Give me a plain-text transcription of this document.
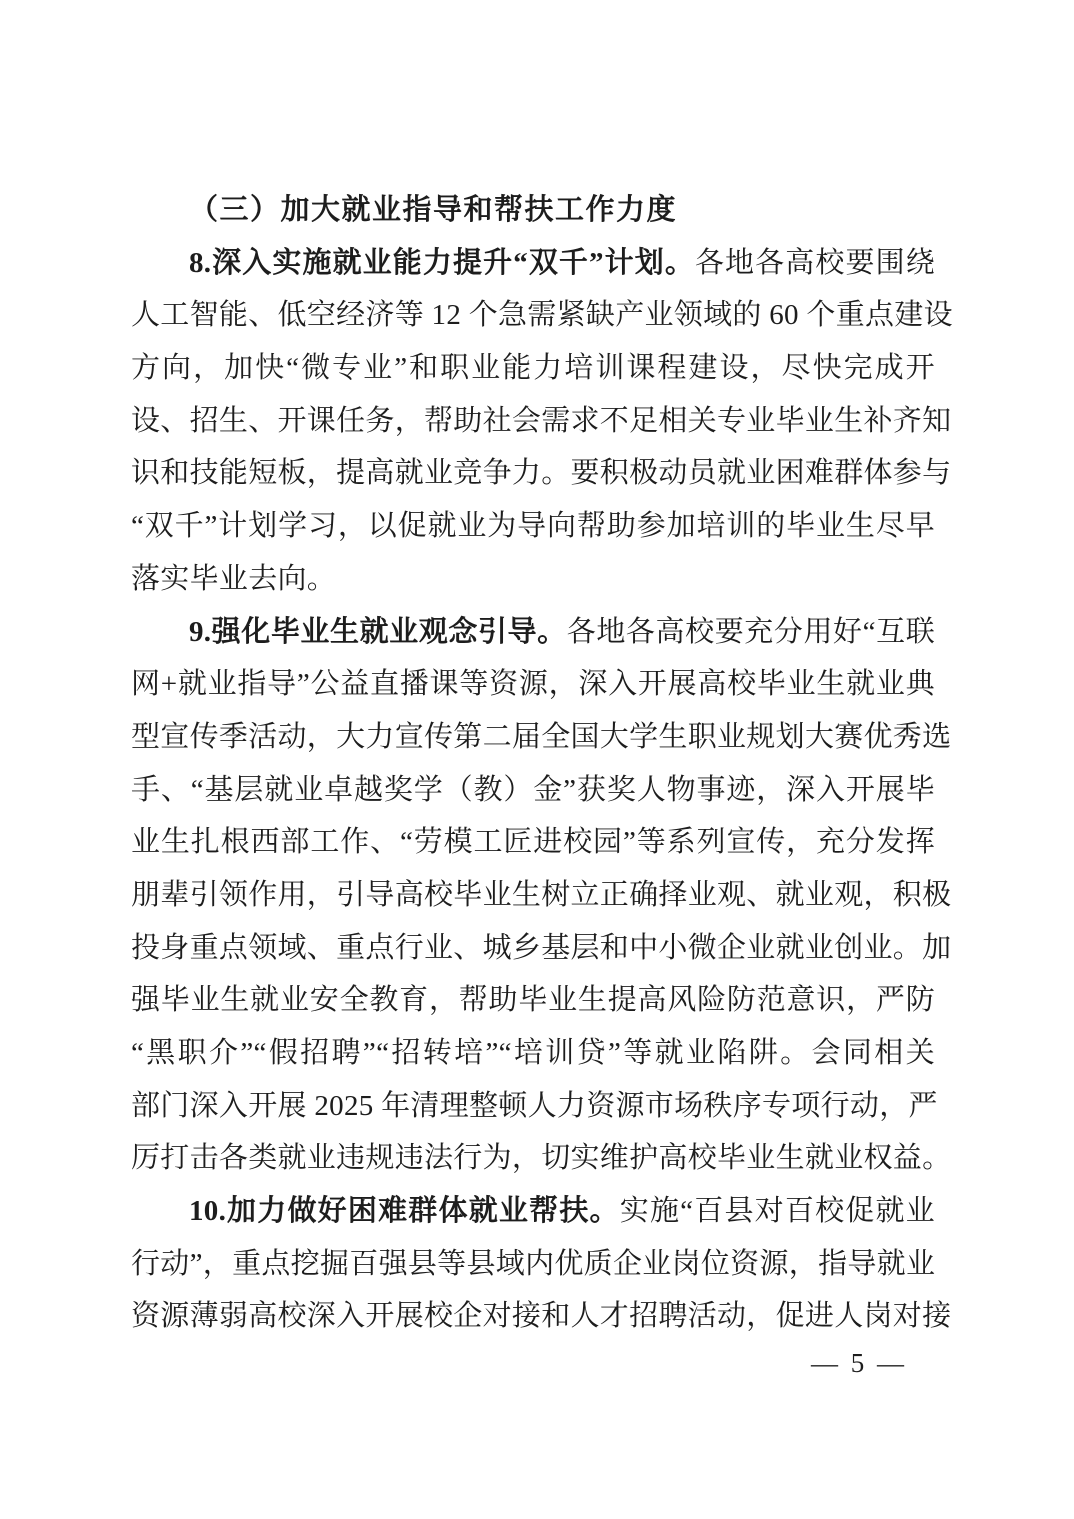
（三）加大就业指导和帮扶工作力度
8.深入实施就业能力提升“双千”计划。各地各高校要围绕
人工智能、低空经济等 12 个急需紧缺产业领域的 60 个重点建设
方向，加快“微专业”和职业能力培训课程建设，尽快完成开
设、招生、开课任务，帮助社会需求不足相关专业毕业生补齐知
识和技能短板，提高就业竞争力。要积极动员就业困难群体参与
“双千”计划学习，以促就业为导向帮助参加培训的毕业生尽早
落实毕业去向。
9.强化毕业生就业观念引导。各地各高校要充分用好“互联
网+就业指导”公益直播课等资源，深入开展高校毕业生就业典
型宣传季活动，大力宣传第二届全国大学生职业规划大赛优秀选
手、“基层就业卓越奖学（教）金”获奖人物事迹，深入开展毕
业生扎根西部工作、“劳模工匠进校园”等系列宣传，充分发挥
朋辈引领作用，引导高校毕业生树立正确择业观、就业观，积极
投身重点领域、重点行业、城乡基层和中小微企业就业创业。加
强毕业生就业安全教育，帮助毕业生提高风险防范意识，严防
“黑职介”“假招聘”“招转培”“培训贷”等就业陷阱。会同相关
部门深入开展 2025 年清理整顿人力资源市场秩序专项行动，严
厉打击各类就业违规违法行为，切实维护高校毕业生就业权益。
10.加力做好困难群体就业帮扶。实施“百县对百校促就业
行动”，重点挖掘百强县等县域内优质企业岗位资源，指导就业
资源薄弱高校深入开展校企对接和人才招聘活动，促进人岗对接
— 5 —
